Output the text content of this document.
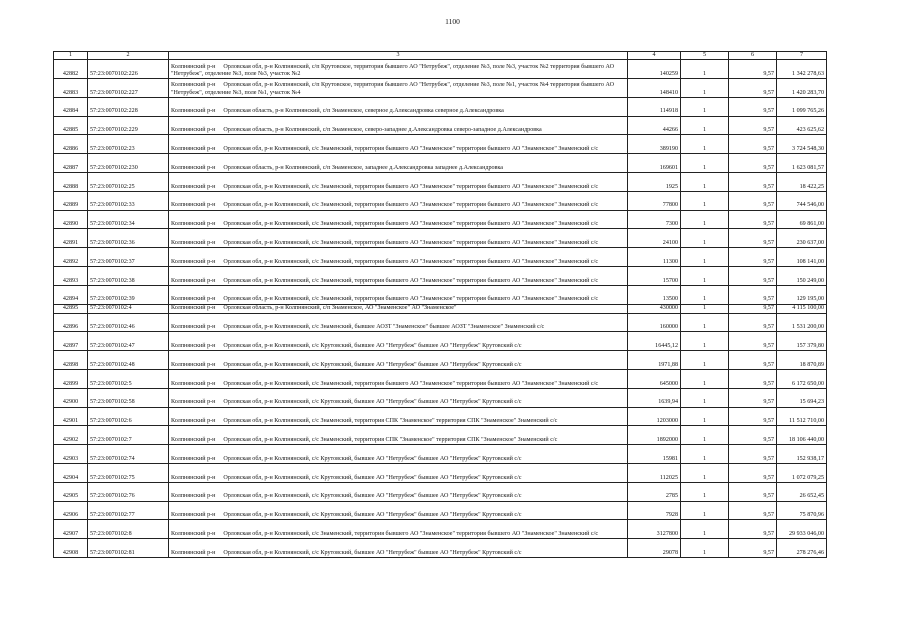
1100
1	2	3	4	5	6	7
42882	57:23:0070102:226	Колпнянский р-н Орловская обл, р-н Колпнянский, с/п Крутовское, территория бывшего АО "Нетрубеж", отделение №3, поле №3, участок №2 территория бывшего АО "Нетрубеж", отделение №3, поле №3, участок №2	140259	1	9,57	1 342 278,63
42883	57:23:0070102:227	Колпнянский р-н Орловская обл, р-н Колпнянский, с/п Крутовское, территория бывшего АО "Нетрубеж", отделение №3, поле №1, участок №4 территория бывшего АО "Нетрубеж", отделение №3, поле №1, участок №4	148410	1	9,57	1 420 283,70
42884	57:23:0070102:228	Колпнянский р-н Орловская область, р-н Колпнянский, с/п Знаменское, северное д.Александровка северное д.Александровка	114918	1	9,57	1 099 765,26
42885	57:23:0070102:229	Колпнянский р-н Орловская область, р-н Колпнянский, с/п Знаменское, северо-западнее д.Александровка северо-западное д.Александровка	44266	1	9,57	423 625,62
42886	57:23:0070102:23	Колпнянский р-н Орловская обл, р-н Колпнянский, с/с Знаменский, территория бывшего АО "Знаменское" территория бывшего АО "Знаменское" Знаменский с/с	389190	1	9,57	3 724 548,30
42887	57:23:0070102:230	Колпнянский р-н Орловская область, р-н Колпнянский, с/п Знаменское, западнее д.Александровка западнее д.Александровка	169601	1	9,57	1 623 081,57
42888	57:23:0070102:25	Колпнянский р-н Орловская обл, р-н Колпнянский, с/с Знаменский, территория бывшего АО "Знаменское" территория бывшего АО "Знаменское" Знаменский с/с	1925	1	9,57	18 422,25
42889	57:23:0070102:33	Колпнянский р-н Орловская обл, р-н Колпнянский, с/с Знаменский, территория бывшего АО "Знаменское" территория бывшего АО "Знаменское" Знаменский с/с	77800	1	9,57	744 546,00
42890	57:23:0070102:34	Колпнянский р-н Орловская обл, р-н Колпнянский, с/с Знаменский, территория бывшего АО "Знаменское" территория бывшего АО "Знаменское" Знаменский с/с	7300	1	9,57	69 861,00
42891	57:23:0070102:36	Колпнянский р-н Орловская обл, р-н Колпнянский, с/с Знаменский, территория бывшего АО "Знаменское" территория бывшего АО "Знаменское" Знаменский с/с	24100	1	9,57	230 637,00
42892	57:23:0070102:37	Колпнянский р-н Орловская обл, р-н Колпнянский, с/с Знаменский, территория бывшего АО "Знаменское" территория бывшего АО "Знаменское" Знаменский с/с	11300	1	9,57	108 141,00
42893	57:23:0070102:38	Колпнянский р-н Орловская обл, р-н Колпнянский, с/с Знаменский, территория бывшего АО "Знаменское" территория бывшего АО "Знаменское" Знаменский с/с	15700	1	9,57	150 249,00
42894	57:23:0070102:39	Колпнянский р-н Орловская обл, р-н Колпнянский, с/с Знаменский, территория бывшего АО "Знаменское" территория бывшего АО "Знаменское" Знаменский с/с	13500	1	9,57	129 195,00
42895	57:23:0070102:4	Колпнянский р-н Орловская область, р-н Колпнянский, с/п Знаменское, АО "Знаменское" АО "Знаменское"	430000	1	9,57	4 115 100,00
42896	57:23:0070102:46	Колпнянский р-н Орловская обл, р-н Колпнянский, с/с Знаменский, бывшее АОЗТ "Знаменское" бывшее АОЗТ "Знаменское" Знаменский с/с	160000	1	9,57	1 531 200,00
42897	57:23:0070102:47	Колпнянский р-н Орловская обл, р-н Колпнянский, с/с Крутовский, бывшее АО "Нетрубеж" бывшее АО "Нетрубеж" Крутовский с/с	16445,12	1	9,57	157 379,80
42898	57:23:0070102:48	Колпнянский р-н Орловская обл, р-н Колпнянский, с/с Крутовский, бывшее АО "Нетрубеж" бывшее АО "Нетрубеж" Крутовский с/с	1971,88	1	9,57	18 870,89
42899	57:23:0070102:5	Колпнянский р-н Орловская обл, р-н Колпнянский, с/с Знаменский, территория бывшего АО "Знаменское" территория бывшего АО "Знаменское" Знаменский с/с	645000	1	9,57	6 172 650,00
42900	57:23:0070102:58	Колпнянский р-н Орловская обл, р-н Колпнянский, с/с Крутовский, бывшее АО "Нетрубеж" бывшее АО "Нетрубеж" Крутовский с/с	1639,94	1	9,57	15 694,23
42901	57:23:0070102:6	Колпнянский р-н Орловская обл, р-н Колпнянский, с/с Знаменский, территория СПК "Знаменское" территория СПК "Знаменское" Знаменский с/с	1203000	1	9,57	11 512 710,00
42902	57:23:0070102:7	Колпнянский р-н Орловская обл, р-н Колпнянский, с/с Знаменский, территория СПК "Знаменское" территория СПК "Знаменское" Знаменский с/с	1892000	1	9,57	18 106 440,00
42903	57:23:0070102:74	Колпнянский р-н Орловская обл, р-н Колпнянский, с/с Крутовский, бывшее АО "Нетрубеж" бывшее АО "Нетрубеж" Крутовский с/с	15981	1	9,57	152 938,17
42904	57:23:0070102:75	Колпнянский р-н Орловская обл, р-н Колпнянский, с/с Крутовский, бывшее АО "Нетрубеж" бывшее АО "Нетрубеж" Крутовский с/с	112025	1	9,57	1 072 079,25
42905	57:23:0070102:76	Колпнянский р-н Орловская обл, р-н Колпнянский, с/с Крутовский, бывшее АО "Нетрубеж" бывшее АО "Нетрубеж" Крутовский с/с	2785	1	9,57	26 652,45
42906	57:23:0070102:77	Колпнянский р-н Орловская обл, р-н Колпнянский, с/с Крутовский, бывшее АО "Нетрубеж" бывшее АО "Нетрубеж" Крутовский с/с	7928	1	9,57	75 870,96
42907	57:23:0070102:8	Колпнянский р-н Орловская обл, р-н Колпнянский, с/с Знаменский, территория бывшего АО "Знаменское" территория бывшего АО "Знаменское" Знаменский с/с	3127800	1	9,57	29 933 046,00
42908	57:23:0070102:81	Колпнянский р-н Орловская обл, р-н Колпнянский, с/с Крутовский, бывшее АО "Нетрубеж" бывшее АО "Нетрубеж" Крутовский с/с	29078	1	9,57	278 276,46
